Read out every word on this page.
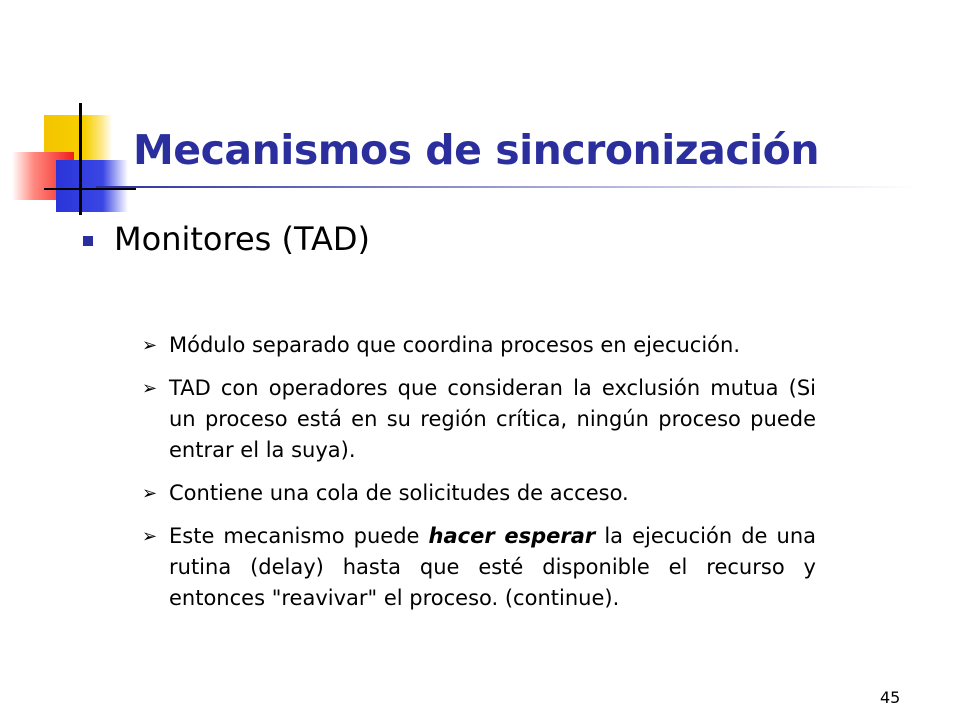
Mecanismos de sincronización
Monitores (TAD)
➢ Módulo separado que coordina procesos en ejecución.
➢ TAD con operadores que consideran la exclusión mutua (Si un proceso está en su región crítica, ningún proceso puede entrar el la suya).
➢ Contiene una cola de solicitudes de acceso.
➢ Este mecanismo puede hacer esperar la ejecución de una rutina (delay) hasta que esté disponible el recurso y entonces "reavivar" el proceso. (continue).
45
